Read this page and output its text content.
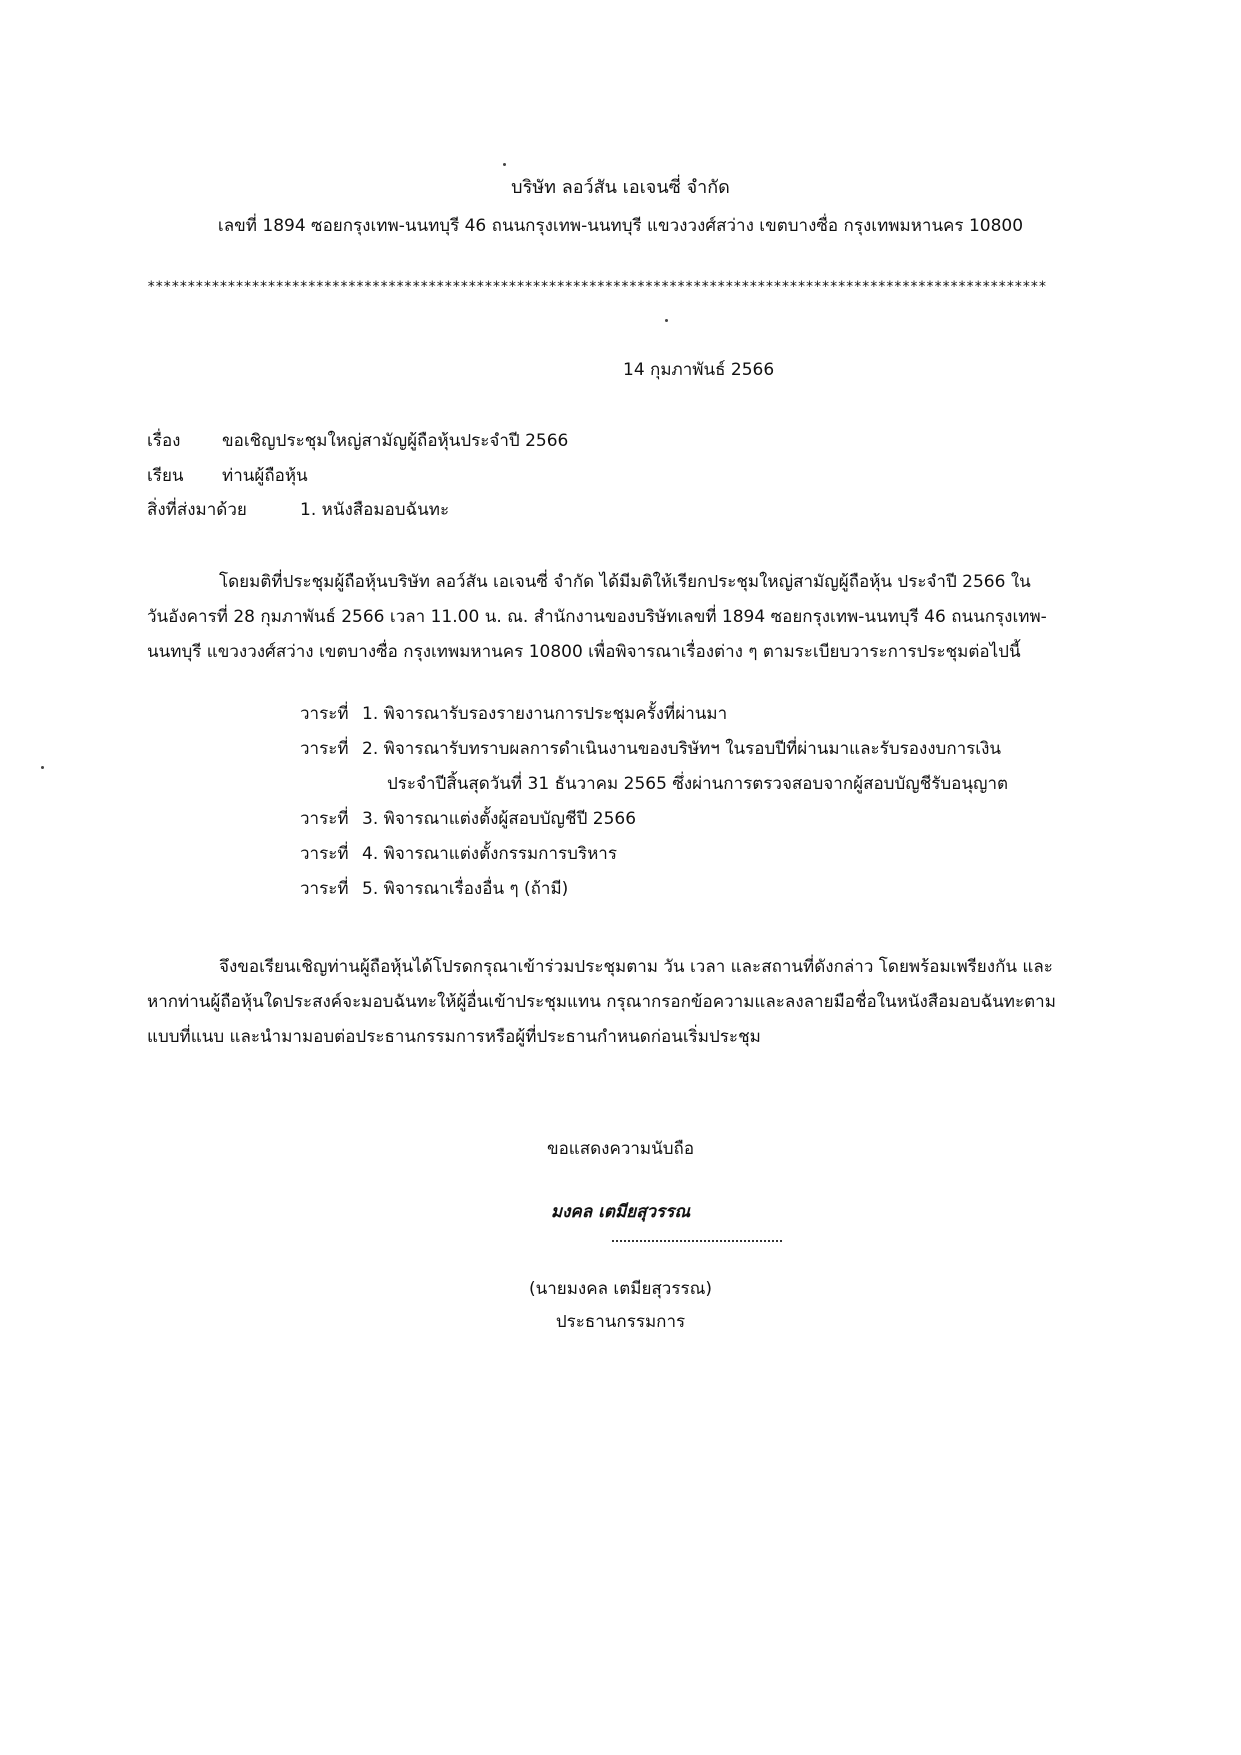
บริษัท ลอว์สัน เอเจนซี่ จำกัด
เลขที่ 1894 ซอยกรุงเทพ-นนทบุรี 46 ถนนกรุงเทพ-นนทบุรี แขวงวงศ์สว่าง เขตบางซื่อ กรุงเทพมหานคร 10800
****************************************************************************************************************
14 กุมภาพันธ์ 2566
เรื่อง ขอเชิญประชุมใหญ่สามัญผู้ถือหุ้นประจำปี 2566
เรียน ท่านผู้ถือหุ้น
สิ่งที่ส่งมาด้วย	1. หนังสือมอบฉันทะ
โดยมติที่ประชุมผู้ถือหุ้นบริษัท ลอว์สัน เอเจนซี่ จำกัด ได้มีมติให้เรียกประชุมใหญ่สามัญผู้ถือหุ้น ประจำปี 2566 ใน
วันอังคารที่ 28 กุมภาพันธ์ 2566 เวลา 11.00 น. ณ. สำนักงานของบริษัทเลขที่ 1894 ซอยกรุงเทพ-นนทบุรี 46 ถนนกรุงเทพ-
นนทบุรี แขวงวงศ์สว่าง เขตบางซื่อ กรุงเทพมหานคร 10800 เพื่อพิจารณาเรื่องต่าง ๆ ตามระเบียบวาระการประชุมต่อไปนี้
วาระที่ 1. พิจารณารับรองรายงานการประชุมครั้งที่ผ่านมา
วาระที่ 2. พิจารณารับทราบผลการดำเนินงานของบริษัทฯ ในรอบปีที่ผ่านมาและรับรองงบการเงิน
ประจำปีสิ้นสุดวันที่ 31 ธันวาคม 2565 ซึ่งผ่านการตรวจสอบจากผู้สอบบัญชีรับอนุญาต
วาระที่ 3. พิจารณาแต่งตั้งผู้สอบบัญชีปี 2566
วาระที่ 4. พิจารณาแต่งตั้งกรรมการบริหาร
วาระที่ 5. พิจารณาเรื่องอื่น ๆ (ถ้ามี)
จึงขอเรียนเชิญท่านผู้ถือหุ้นได้โปรดกรุณาเข้าร่วมประชุมตาม วัน เวลา และสถานที่ดังกล่าว โดยพร้อมเพรียงกัน และ
หากท่านผู้ถือหุ้นใดประสงค์จะมอบฉันทะให้ผู้อื่นเข้าประชุมแทน กรุณากรอกข้อความและลงลายมือชื่อในหนังสือมอบฉันทะตาม
แบบที่แนบ และนำมามอบต่อประธานกรรมการหรือผู้ที่ประธานกำหนดก่อนเริ่มประชุม
ขอแสดงความนับถือ
มงคล เตมียสุวรรณ
(นายมงคล เตมียสุวรรณ)
ประธานกรรมการ
